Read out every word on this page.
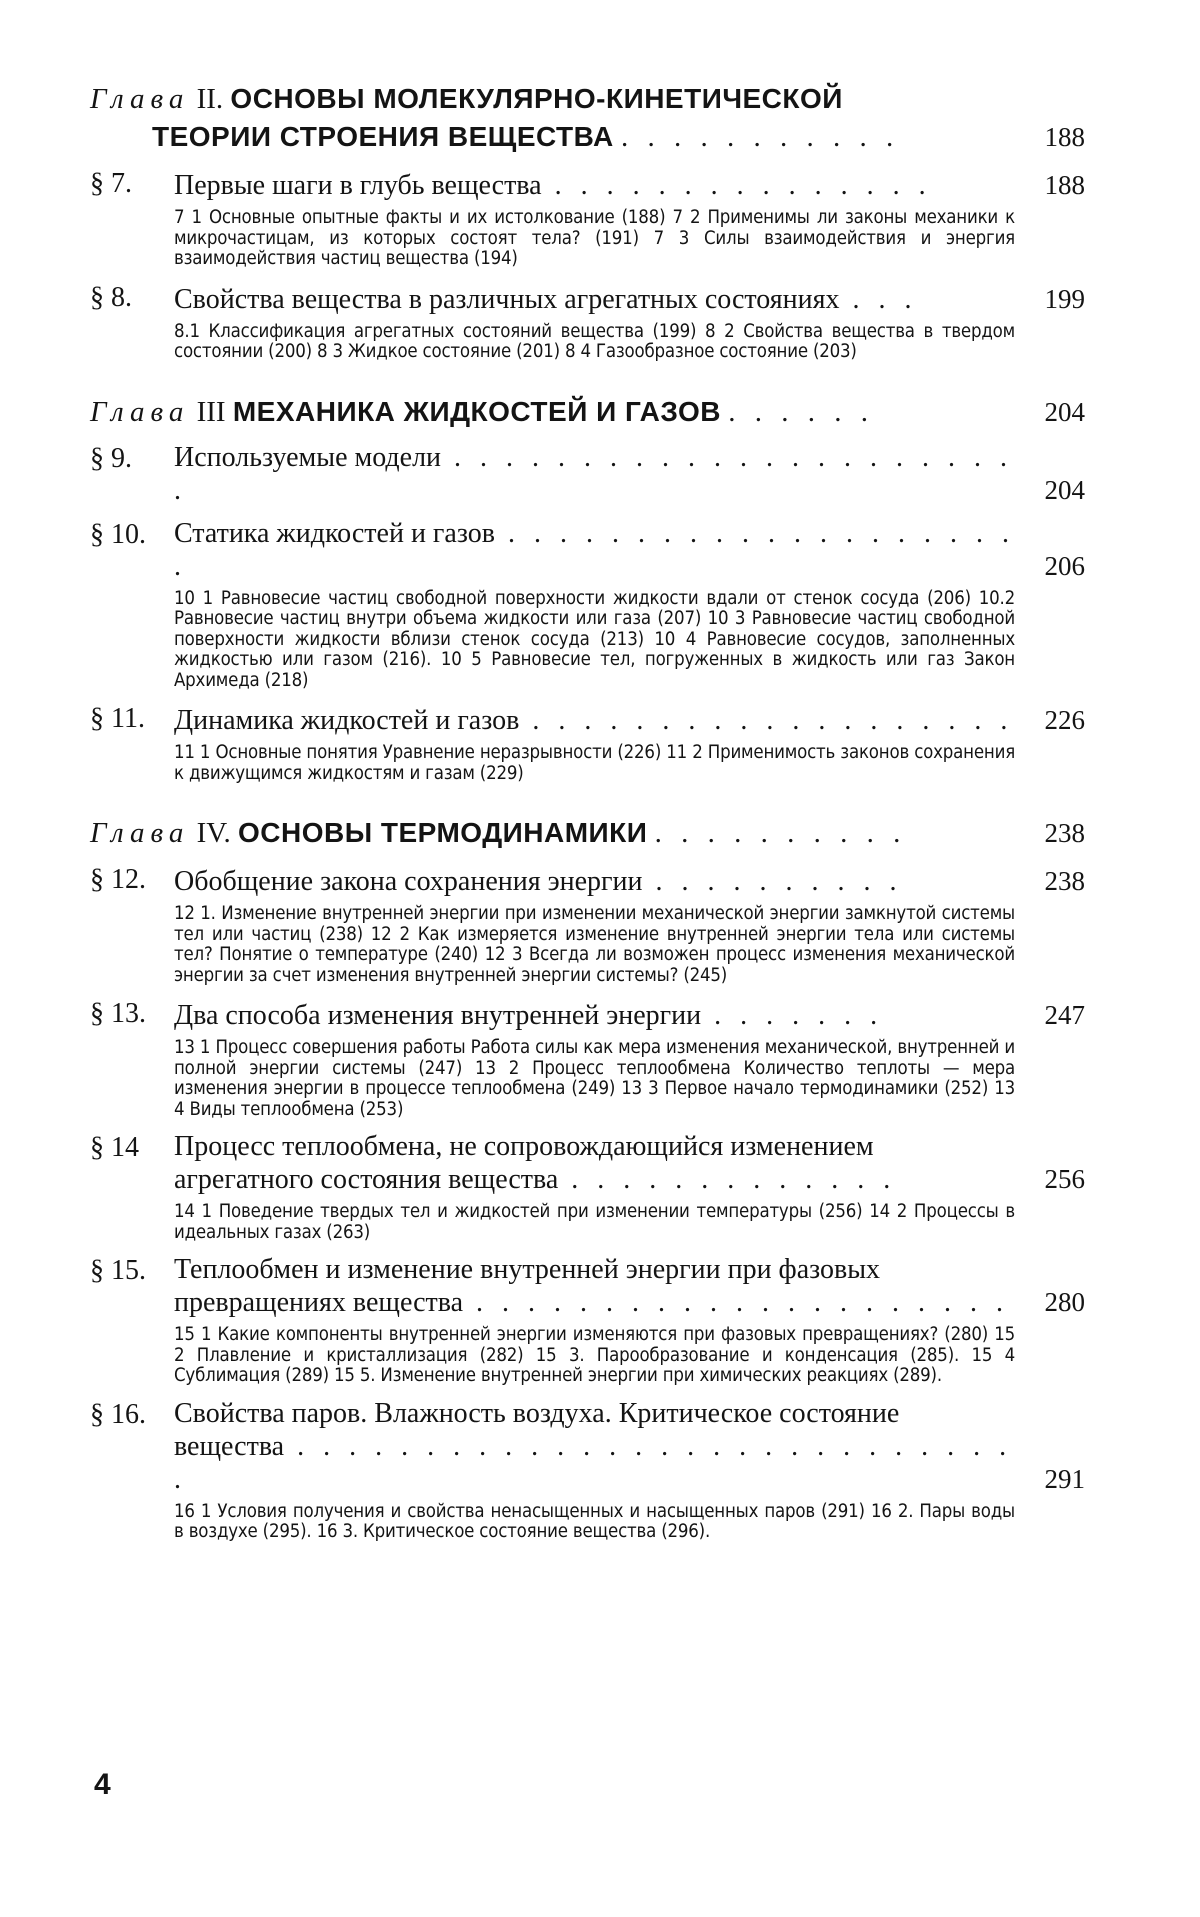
Глава II. ОСНОВЫ МОЛЕКУЛЯРНО-КИНЕТИЧЕСКОЙ
ТЕОРИИ СТРОЕНИЯ ВЕЩЕСТВА . . . . . . . . . . .	188
§ 7.	Первые шаги в глубь вещества . . . . . . . . . . . . . . .	188
7 1 Основные опытные факты и их истолкование (188) 7 2 Применимы ли законы механики к микрочастицам, из которых состоят тела? (191) 7 3 Силы взаимодействия и энергия взаимодействия частиц вещества (194)
§ 8.	Свойства вещества в различных агрегатных состояниях . . .	199
8.1 Классификация агрегатных состояний вещества (199) 8 2 Свойства вещества в твердом состоянии (200) 8 3 Жидкое состояние (201) 8 4 Газообразное состояние (203)
Глава III МЕХАНИКА ЖИДКОСТЕЙ И ГАЗОВ . . . . . .	204
§ 9.	Используемые модели . . . . . . . . . . . . . . . . . . . . . . .	204
§ 10.	Статика жидкостей и газов . . . . . . . . . . . . . . . . . . . . .	206
10 1 Равновесие частиц свободной поверхности жидкости вдали от стенок сосуда (206) 10.2 Равновесие частиц внутри объема жидкости или газа (207) 10 3 Равновесие частиц свободной поверхности жидкости вблизи стенок сосуда (213) 10 4 Равновесие сосудов, заполненных жидкостью или газом (216). 10 5 Равновесие тел, погруженных в жидкость или газ Закон Архимеда (218)
§ 11.	Динамика жидкостей и газов . . . . . . . . . . . . . . . . . . .	226
11 1 Основные понятия Уравнение неразрывности (226) 11 2 Применимость законов сохранения к движущимся жидкостям и газам (229)
Глава IV. ОСНОВЫ ТЕРМОДИНАМИКИ . . . . . . . . . .	238
§ 12.	Обобщение закона сохранения энергии . . . . . . . . . .	238
12 1. Изменение внутренней энергии при изменении механической энергии замкнутой системы тел или частиц (238) 12 2 Как измеряется изменение внутренней энергии тела или системы тел? Понятие о температуре (240) 12 3 Всегда ли возможен процесс изменения механической энергии за счет изменения внутренней энергии системы? (245)
§ 13.	Два способа изменения внутренней энергии . . . . . . .	247
13 1 Процесс совершения работы Работа силы как мера изменения механической, внутренней и полной энергии системы (247) 13 2 Процесс теплообмена Количество теплоты — мера изменения энергии в процессе теплообмена (249) 13 3 Первое начало термодинамики (252) 13 4 Виды теплообмена (253)
§ 14	Процесс теплообмена, не сопровождающийся изменением агрегатного состояния вещества . . . . . . . . . . . . .	256
14 1 Поведение твердых тел и жидкостей при изменении температуры (256) 14 2 Процессы в идеальных газах (263)
§ 15.	Теплообмен и изменение внутренней энергии при фазовых превращениях вещества . . . . . . . . . . . . . . . . . . . . .	280
15 1 Какие компоненты внутренней энергии изменяются при фазовых превращениях? (280) 15 2 Плавление и кристаллизация (282) 15 3. Парообразование и конденсация (285). 15 4 Сублимация (289) 15 5. Изменение внутренней энергии при химических реакциях (289).
§ 16.	Свойства паров. Влажность воздуха. Критическое состояние вещества . . . . . . . . . . . . . . . . . . . . . . . . . . . . .	291
16 1 Условия получения и свойства ненасыщенных и насыщенных паров (291) 16 2. Пары воды в воздухе (295). 16 3. Критическое состояние вещества (296).
4
